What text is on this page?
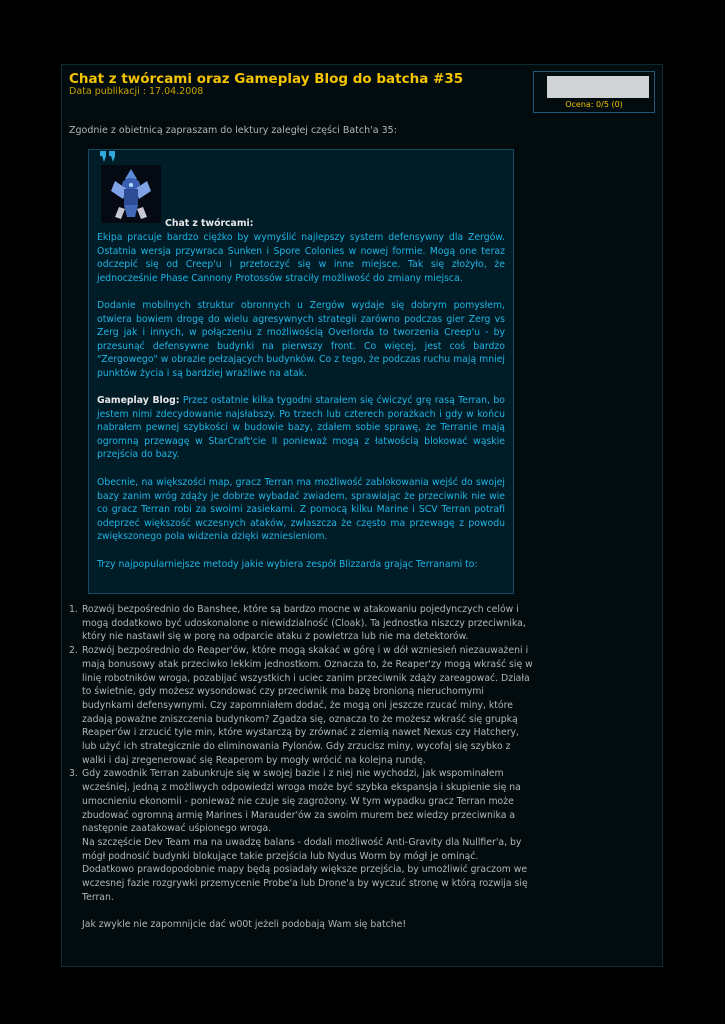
Chat z twórcami oraz Gameplay Blog do batcha #35
Data publikacji : 17.04.2008
Ocena: 0/5 (0)
Zgodnie z obietnicą zapraszam do lektury zaległej części Batch'a 35:
Chat z twórcami:

Ekipa pracuje bardzo ciężko by wymyślić najlepszy system defensywny dla Zergów. Ostatnia wersja przywraca Sunken i Spore Colonies w nowej formie. Mogą one teraz odczepić się od Creep'u i przetoczyć się w inne miejsce. Tak się złożyło, że jednocześnie Phase Cannony Protossów straciły możliwość do zmiany miejsca.

Dodanie mobilnych struktur obronnych u Zergów wydaje się dobrym pomysłem, otwiera bowiem drogę do wielu agresywnych strategii zarówno podczas gier Zerg vs Zerg jak i innych, w połączeniu z możliwością Overlorda to tworzenia Creep'u - by przesunąć defensywne budynki na pierwszy front. Co więcej, jest coś bardzo "Zergowego" w obrazie pełzających budynków. Co z tego, że podczas ruchu mają mniej punktów życia i są bardziej wrażliwe na atak.

Gameplay Blog: Przez ostatnie kilka tygodni starałem się ćwiczyć grę rasą Terran, bo jestem nimi zdecydowanie najsłabszy. Po trzech lub czterech porażkach i gdy w końcu nabrałem pewnej szybkości w budowie bazy, zdałem sobie sprawę, że Terranie mają ogromną przewagę w StarCraft'cie II ponieważ mogą z łatwością blokować wąskie przejścia do bazy.

Obecnie, na większości map, gracz Terran ma możliwość zablokowania wejść do swojej bazy zanim wróg zdąży je dobrze wybadać zwiadem, sprawiając że przeciwnik nie wie co gracz Terran robi za swoimi zasiekami. Z pomocą kilku Marine i SCV Terran potrafi odeprzeć większość wczesnych ataków, zwłaszcza że często ma przewagę z powodu zwiększonego pola widzenia dzięki wzniesieniom.

Trzy najpopularniejsze metody jakie wybiera zespół Blizzarda grając Terranami to:

1. Rozwój bezpośrednio do Banshee, które są bardzo mocne w atakowaniu pojedynczych celów i mogą dodatkowo być udoskonalone o niewidzialność (Cloak). Ta jednostka niszczy przeciwnika, który nie nastawił się w porę na odparcie ataku z powietrza lub nie ma detektorów.
2. Rozwój bezpośrednio do Reaper'ów, które mogą skakać w górę i w dół wzniesień niezauważeni i mają bonusowy atak przeciwko lekkim jednostkom. Oznacza to, że Reaper'zy mogą wkraść się w linię robotników wroga, pozabijać wszystkich i uciec zanim przeciwnik zdąży zareagować. Działa to świetnie, gdy możesz wysondować czy przeciwnik ma bazę bronioną nieruchomymi budynkami defensywnymi. Czy zapomniałem dodać, że mogą oni jeszcze rzucać miny, które zadają poważne zniszczenia budynkom? Zgadza się, oznacza to że możesz wkraść się grupką Reaper'ów i zrzucić tyle min, które wystarczą by zrównać z ziemią nawet Nexus czy Hatchery, lub użyć ich strategicznie do eliminowania Pylonów. Gdy zrzucisz miny, wycofaj się szybko z walki i daj zregenerować się Reaperom by mogły wrócić na kolejną rundę.
3. Gdy zawodnik Terran zabunkruje się w swojej bazie i z niej nie wychodzi, jak wspominałem wcześniej, jedną z możliwych odpowiedzi wroga może być szybka ekspansja i skupienie się na umocnieniu ekonomii - ponieważ nie czuje się zagrożony. W tym wypadku gracz Terran może zbudować ogromną armię Marines i Marauder'ów za swoim murem bez wiedzy przeciwnika a następnie zaatakować uśpionego wroga.
Na szczęście Dev Team ma na uwadzę balans - dodali możliwość Anti-Gravity dla Nullfier'a, by mógł podnosić budynki blokujące takie przejścia lub Nydus Worm by mógł je ominąć. Dodatkowo prawdopodobnie mapy będą posiadały większe przejścia, by umożliwić graczom we wczesnej fazie rozgrywki przemycenie Probe'a lub Drone'a by wyczuć stronę w którą rozwija się Terran.
Jak zwykle nie zapomnijcie dać w00t jeżeli podobają Wam się batche!
